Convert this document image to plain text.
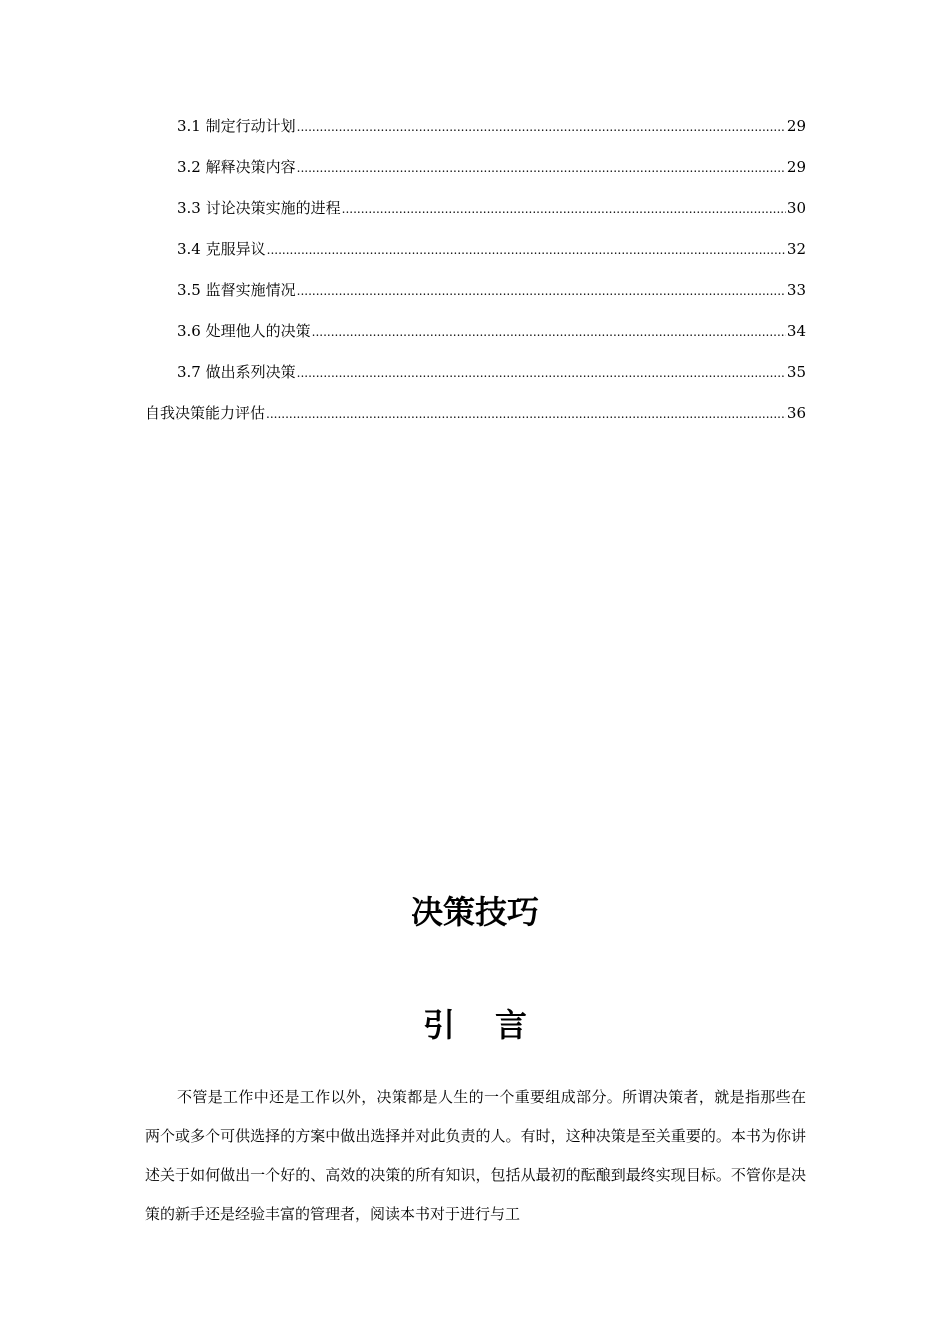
3.1 制定行动计划 .....	29
3.2 解释决策内容 .....	29
3.3 讨论决策实施的进程 .....	30
3.4 克服异议 .....	32
3.5 监督实施情况 .....	33
3.6 处理他人的决策 .....	34
3.7 做出系列决策 .....	35
自我决策能力评估 .....	36
决策技巧
引言

不管是工作中还是工作以外，决策都是人生的一个重要组成部分。所谓决策者，就是指那些在两个或多个可供选择的方案中做出选择并对此负责的人。有时，这种决策是至关重要的。本书为你讲述关于如何做出一个好的、高效的决策的所有知识，包括从最初的酝酿到最终实现目标。不管你是决策的新手还是经验丰富的管理者，阅读本书对于进行与工
